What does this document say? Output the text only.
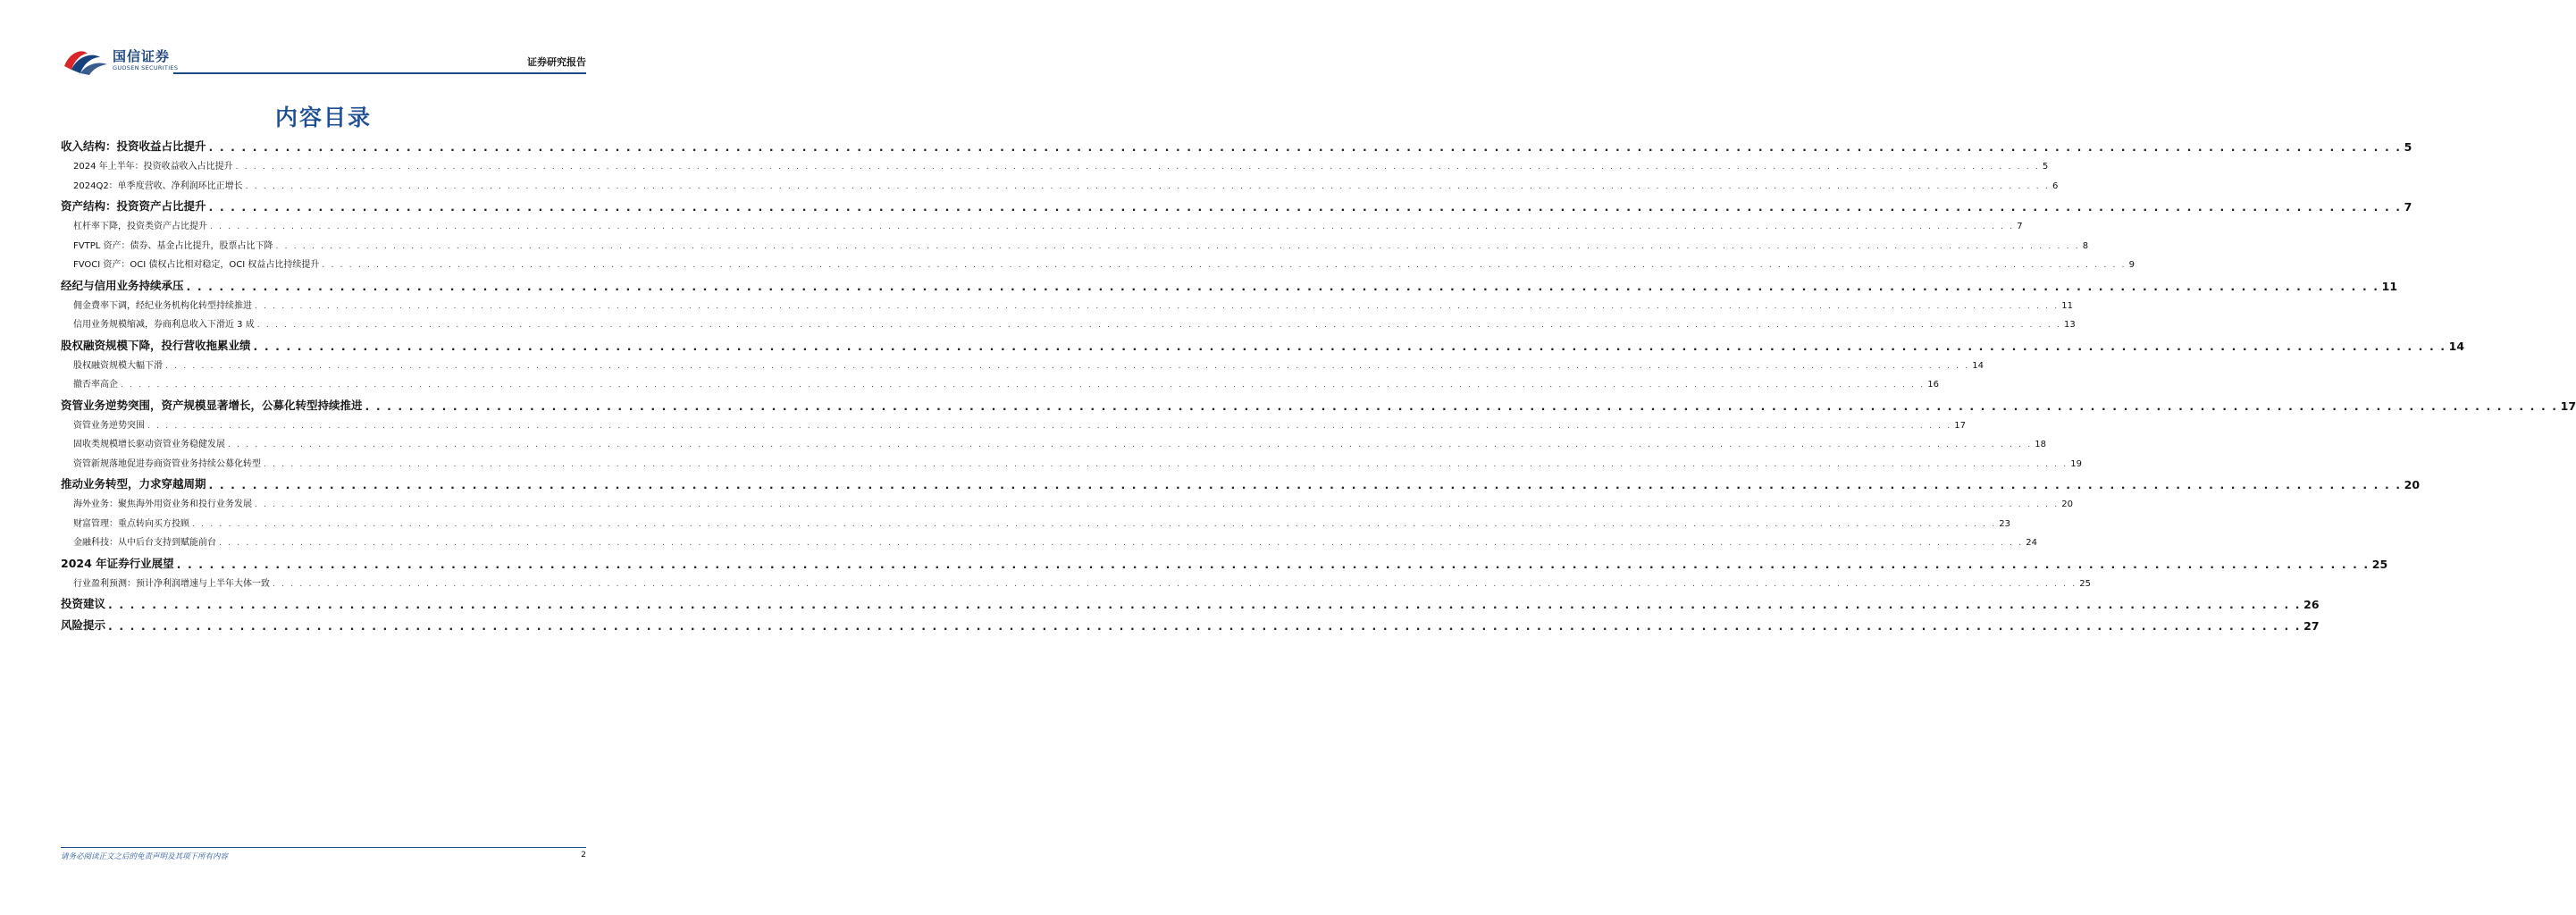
国信证券
GUOSEN SECURITIES	证券研究报告
内容目录
收入结构：投资收益占比提升 . . . . . . . . . . . . . . . . . . . . . . . . . . . . . . . . . . . . . . . . . . . . . . . . . . . . . . . . . . . . . . . . . . . . . . . . . . . . . . . . . . . . . . . . . . . . . . . . . . . . . . . . . . . . . . . . . . . . . . . . . . . . . . . . . . . . . . . . . . . . . . . . . . . . . . . . . . . . . . . . . . . . . . . . . . . . . . . . . . . . . . . . . . . . . . . . . . . . . . . . 5
2024 年上半年：投资收益收入占比提升 . . . . . . . . . . . . . . . . . . . . . . . . . . . . . . . . . . . . . . . . . . . . . . . . . . . . . . . . . . . . . . . . . . . . . . . . . . . . . . . . . . . . . . . . . . . . . . . . . . . . . . . . . . . . . . . . . . . . . . . . . . . . . . . . . . . . . . . . . . . . . . . . . . . . . . . . . . . . . . . . . . . . . . . . . . . . . . . . . . . . . . . . . . . . . . . . . . . . . . . . 5
2024Q2：单季度营收、净利润环比正增长 . . . . . . . . . . . . . . . . . . . . . . . . . . . . . . . . . . . . . . . . . . . . . . . . . . . . . . . . . . . . . . . . . . . . . . . . . . . . . . . . . . . . . . . . . . . . . . . . . . . . . . . . . . . . . . . . . . . . . . . . . . . . . . . . . . . . . . . . . . . . . . . . . . . . . . . . . . . . . . . . . . . . . . . . . . . . . . . . . . . . . . . . . . . . . . . . . . . . . . . . 6
资产结构：投资资产占比提升 . . . . . . . . . . . . . . . . . . . . . . . . . . . . . . . . . . . . . . . . . . . . . . . . . . . . . . . . . . . . . . . . . . . . . . . . . . . . . . . . . . . . . . . . . . . . . . . . . . . . . . . . . . . . . . . . . . . . . . . . . . . . . . . . . . . . . . . . . . . . . . . . . . . . . . . . . . . . . . . . . . . . . . . . . . . . . . . . . . . . . . . . . . . . . . . . . . . . . . . . 7
杠杆率下降，投资类资产占比提升 . . . . . . . . . . . . . . . . . . . . . . . . . . . . . . . . . . . . . . . . . . . . . . . . . . . . . . . . . . . . . . . . . . . . . . . . . . . . . . . . . . . . . . . . . . . . . . . . . . . . . . . . . . . . . . . . . . . . . . . . . . . . . . . . . . . . . . . . . . . . . . . . . . . . . . . . . . . . . . . . . . . . . . . . . . . . . . . . . . . . . . . . . . . . . . . . . . . . . . . . 7
FVTPL 资产：债券、基金占比提升，股票占比下降 . . . . . . . . . . . . . . . . . . . . . . . . . . . . . . . . . . . . . . . . . . . . . . . . . . . . . . . . . . . . . . . . . . . . . . . . . . . . . . . . . . . . . . . . . . . . . . . . . . . . . . . . . . . . . . . . . . . . . . . . . . . . . . . . . . . . . . . . . . . . . . . . . . . . . . . . . . . . . . . . . . . . . . . . . . . . . . . . . . . . . . . . . . . . . . . . . . . . . . . . 8
FVOCI 资产：OCI 债权占比相对稳定，OCI 权益占比持续提升 . . . . . . . . . . . . . . . . . . . . . . . . . . . . . . . . . . . . . . . . . . . . . . . . . . . . . . . . . . . . . . . . . . . . . . . . . . . . . . . . . . . . . . . . . . . . . . . . . . . . . . . . . . . . . . . . . . . . . . . . . . . . . . . . . . . . . . . . . . . . . . . . . . . . . . . . . . . . . . . . . . . . . . . . . . . . . . . . . . . . . . . . . . . . . . . . . . . . . . . . 9
经纪与信用业务持续承压 . . . . . . . . . . . . . . . . . . . . . . . . . . . . . . . . . . . . . . . . . . . . . . . . . . . . . . . . . . . . . . . . . . . . . . . . . . . . . . . . . . . . . . . . . . . . . . . . . . . . . . . . . . . . . . . . . . . . . . . . . . . . . . . . . . . . . . . . . . . . . . . . . . . . . . . . . . . . . . . . . . . . . . . . . . . . . . . . . . . . . . . . . . . . . . . . . . . . . . . . 11
佣金费率下调，经纪业务机构化转型持续推进 . . . . . . . . . . . . . . . . . . . . . . . . . . . . . . . . . . . . . . . . . . . . . . . . . . . . . . . . . . . . . . . . . . . . . . . . . . . . . . . . . . . . . . . . . . . . . . . . . . . . . . . . . . . . . . . . . . . . . . . . . . . . . . . . . . . . . . . . . . . . . . . . . . . . . . . . . . . . . . . . . . . . . . . . . . . . . . . . . . . . . . . . . . . . . . . . . . . . . . . . 11
信用业务规模缩减，券商利息收入下滑近 3 成 . . . . . . . . . . . . . . . . . . . . . . . . . . . . . . . . . . . . . . . . . . . . . . . . . . . . . . . . . . . . . . . . . . . . . . . . . . . . . . . . . . . . . . . . . . . . . . . . . . . . . . . . . . . . . . . . . . . . . . . . . . . . . . . . . . . . . . . . . . . . . . . . . . . . . . . . . . . . . . . . . . . . . . . . . . . . . . . . . . . . . . . . . . . . . . . . . . . . . . . . 13
股权融资规模下降，投行营收拖累业绩 . . . . . . . . . . . . . . . . . . . . . . . . . . . . . . . . . . . . . . . . . . . . . . . . . . . . . . . . . . . . . . . . . . . . . . . . . . . . . . . . . . . . . . . . . . . . . . . . . . . . . . . . . . . . . . . . . . . . . . . . . . . . . . . . . . . . . . . . . . . . . . . . . . . . . . . . . . . . . . . . . . . . . . . . . . . . . . . . . . . . . . . . . . . . . . . . . . . . . . . . 14
股权融资规模大幅下滑 . . . . . . . . . . . . . . . . . . . . . . . . . . . . . . . . . . . . . . . . . . . . . . . . . . . . . . . . . . . . . . . . . . . . . . . . . . . . . . . . . . . . . . . . . . . . . . . . . . . . . . . . . . . . . . . . . . . . . . . . . . . . . . . . . . . . . . . . . . . . . . . . . . . . . . . . . . . . . . . . . . . . . . . . . . . . . . . . . . . . . . . . . . . . . . . . . . . . . . . . 14
撤否率高企 . . . . . . . . . . . . . . . . . . . . . . . . . . . . . . . . . . . . . . . . . . . . . . . . . . . . . . . . . . . . . . . . . . . . . . . . . . . . . . . . . . . . . . . . . . . . . . . . . . . . . . . . . . . . . . . . . . . . . . . . . . . . . . . . . . . . . . . . . . . . . . . . . . . . . . . . . . . . . . . . . . . . . . . . . . . . . . . . . . . . . . . . . . . . . . . . . . . . . . . . 16
资管业务逆势突围，资产规模显著增长，公募化转型持续推进 . . . . . . . . . . . . . . . . . . . . . . . . . . . . . . . . . . . . . . . . . . . . . . . . . . . . . . . . . . . . . . . . . . . . . . . . . . . . . . . . . . . . . . . . . . . . . . . . . . . . . . . . . . . . . . . . . . . . . . . . . . . . . . . . . . . . . . . . . . . . . . . . . . . . . . . . . . . . . . . . . . . . . . . . . . . . . . . . . . . . . . . . . . . . . . . . . . . . . . . . 17
资管业务逆势突围 . . . . . . . . . . . . . . . . . . . . . . . . . . . . . . . . . . . . . . . . . . . . . . . . . . . . . . . . . . . . . . . . . . . . . . . . . . . . . . . . . . . . . . . . . . . . . . . . . . . . . . . . . . . . . . . . . . . . . . . . . . . . . . . . . . . . . . . . . . . . . . . . . . . . . . . . . . . . . . . . . . . . . . . . . . . . . . . . . . . . . . . . . . . . . . . . . . . . . . . . 17
固收类规模增长驱动资管业务稳健发展 . . . . . . . . . . . . . . . . . . . . . . . . . . . . . . . . . . . . . . . . . . . . . . . . . . . . . . . . . . . . . . . . . . . . . . . . . . . . . . . . . . . . . . . . . . . . . . . . . . . . . . . . . . . . . . . . . . . . . . . . . . . . . . . . . . . . . . . . . . . . . . . . . . . . . . . . . . . . . . . . . . . . . . . . . . . . . . . . . . . . . . . . . . . . . . . . . . . . . . . . 18
资管新规落地促进券商资管业务持续公募化转型 . . . . . . . . . . . . . . . . . . . . . . . . . . . . . . . . . . . . . . . . . . . . . . . . . . . . . . . . . . . . . . . . . . . . . . . . . . . . . . . . . . . . . . . . . . . . . . . . . . . . . . . . . . . . . . . . . . . . . . . . . . . . . . . . . . . . . . . . . . . . . . . . . . . . . . . . . . . . . . . . . . . . . . . . . . . . . . . . . . . . . . . . . . . . . . . . . . . . . . . . 19
推动业务转型，力求穿越周期 . . . . . . . . . . . . . . . . . . . . . . . . . . . . . . . . . . . . . . . . . . . . . . . . . . . . . . . . . . . . . . . . . . . . . . . . . . . . . . . . . . . . . . . . . . . . . . . . . . . . . . . . . . . . . . . . . . . . . . . . . . . . . . . . . . . . . . . . . . . . . . . . . . . . . . . . . . . . . . . . . . . . . . . . . . . . . . . . . . . . . . . . . . . . . . . . . . . . . . . . 20
海外业务：聚焦海外用资业务和投行业务发展 . . . . . . . . . . . . . . . . . . . . . . . . . . . . . . . . . . . . . . . . . . . . . . . . . . . . . . . . . . . . . . . . . . . . . . . . . . . . . . . . . . . . . . . . . . . . . . . . . . . . . . . . . . . . . . . . . . . . . . . . . . . . . . . . . . . . . . . . . . . . . . . . . . . . . . . . . . . . . . . . . . . . . . . . . . . . . . . . . . . . . . . . . . . . . . . . . . . . . . . . 20
财富管理：重点转向买方投顾 . . . . . . . . . . . . . . . . . . . . . . . . . . . . . . . . . . . . . . . . . . . . . . . . . . . . . . . . . . . . . . . . . . . . . . . . . . . . . . . . . . . . . . . . . . . . . . . . . . . . . . . . . . . . . . . . . . . . . . . . . . . . . . . . . . . . . . . . . . . . . . . . . . . . . . . . . . . . . . . . . . . . . . . . . . . . . . . . . . . . . . . . . . . . . . . . . . . . . . . . 23
金融科技：从中后台支持到赋能前台 . . . . . . . . . . . . . . . . . . . . . . . . . . . . . . . . . . . . . . . . . . . . . . . . . . . . . . . . . . . . . . . . . . . . . . . . . . . . . . . . . . . . . . . . . . . . . . . . . . . . . . . . . . . . . . . . . . . . . . . . . . . . . . . . . . . . . . . . . . . . . . . . . . . . . . . . . . . . . . . . . . . . . . . . . . . . . . . . . . . . . . . . . . . . . . . . . . . . . . . . 24
2024 年证券行业展望 . . . . . . . . . . . . . . . . . . . . . . . . . . . . . . . . . . . . . . . . . . . . . . . . . . . . . . . . . . . . . . . . . . . . . . . . . . . . . . . . . . . . . . . . . . . . . . . . . . . . . . . . . . . . . . . . . . . . . . . . . . . . . . . . . . . . . . . . . . . . . . . . . . . . . . . . . . . . . . . . . . . . . . . . . . . . . . . . . . . . . . . . . . . . . . . . . . . . . . . . 25
行业盈利预测：预计净利润增速与上半年大体一致 . . . . . . . . . . . . . . . . . . . . . . . . . . . . . . . . . . . . . . . . . . . . . . . . . . . . . . . . . . . . . . . . . . . . . . . . . . . . . . . . . . . . . . . . . . . . . . . . . . . . . . . . . . . . . . . . . . . . . . . . . . . . . . . . . . . . . . . . . . . . . . . . . . . . . . . . . . . . . . . . . . . . . . . . . . . . . . . . . . . . . . . . . . . . . . . . . . . . . . . . 25
投资建议 . . . . . . . . . . . . . . . . . . . . . . . . . . . . . . . . . . . . . . . . . . . . . . . . . . . . . . . . . . . . . . . . . . . . . . . . . . . . . . . . . . . . . . . . . . . . . . . . . . . . . . . . . . . . . . . . . . . . . . . . . . . . . . . . . . . . . . . . . . . . . . . . . . . . . . . . . . . . . . . . . . . . . . . . . . . . . . . . . . . . . . . . . . . . . . . . . . . . . . . . 26
风险提示 . . . . . . . . . . . . . . . . . . . . . . . . . . . . . . . . . . . . . . . . . . . . . . . . . . . . . . . . . . . . . . . . . . . . . . . . . . . . . . . . . . . . . . . . . . . . . . . . . . . . . . . . . . . . . . . . . . . . . . . . . . . . . . . . . . . . . . . . . . . . . . . . . . . . . . . . . . . . . . . . . . . . . . . . . . . . . . . . . . . . . . . . . . . . . . . . . . . . . . . . 27
请务必阅读正文之后的免责声明及其项下所有内容	2
